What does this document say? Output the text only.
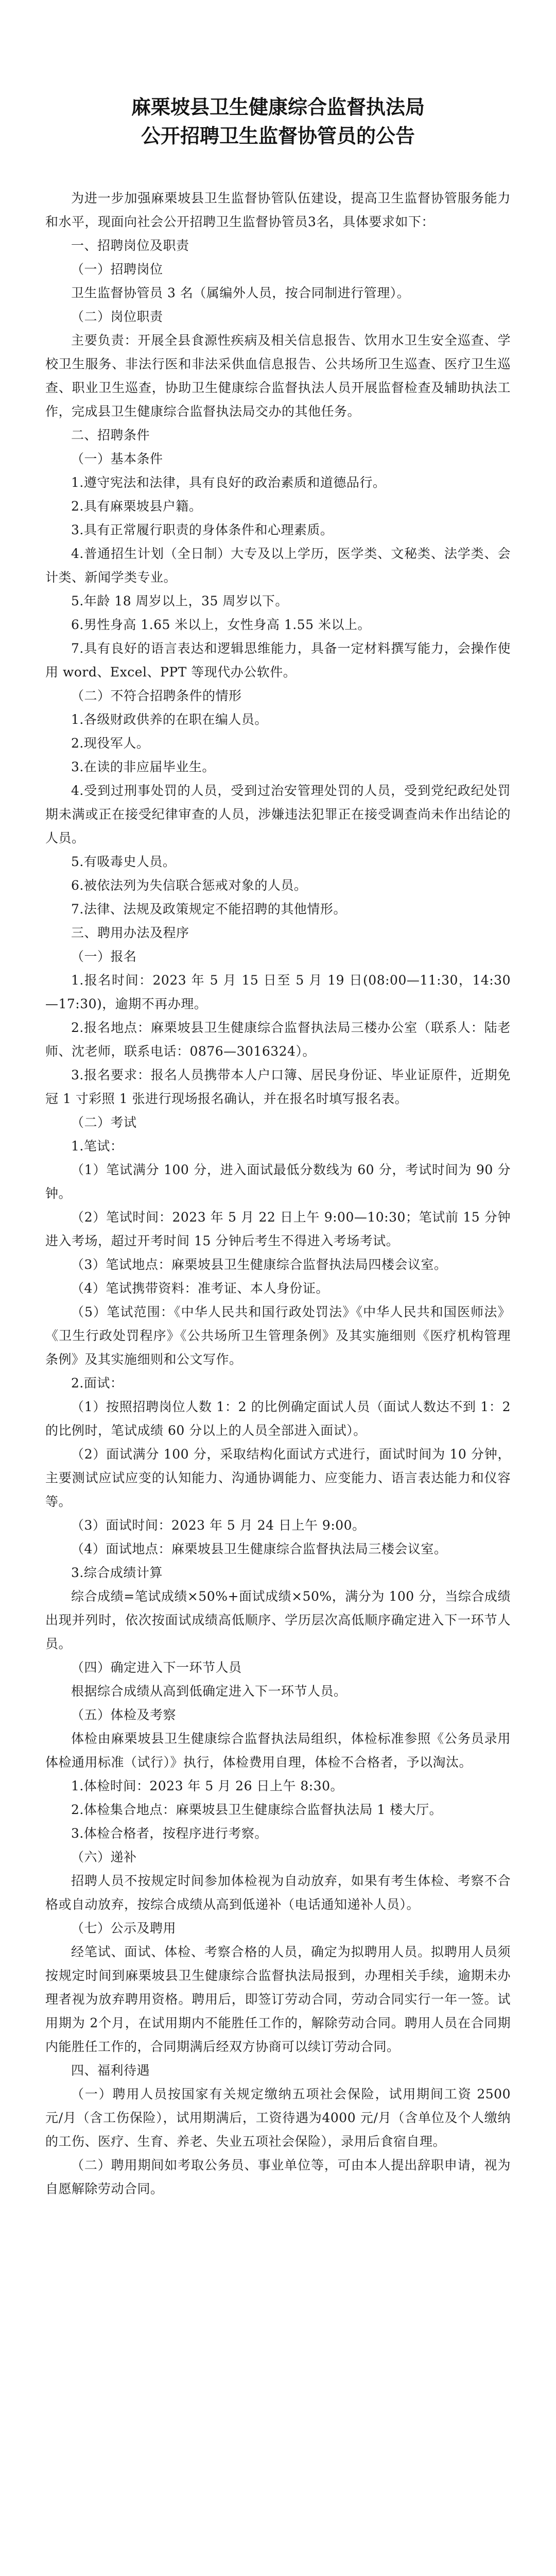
麻栗坡县卫生健康综合监督执法局
公开招聘卫生监督协管员的公告

为进一步加强麻栗坡县卫生监督协管队伍建设，提高卫生监督协管服务能力和水平，现面向社会公开招聘卫生监督协管员3名，具体要求如下：

一、招聘岗位及职责

（一）招聘岗位

卫生监督协管员 3 名（属编外人员，按合同制进行管理）。

（二）岗位职责

主要负责：开展全县食源性疾病及相关信息报告、饮用水卫生安全巡查、学校卫生服务、非法行医和非法采供血信息报告、公共场所卫生巡查、医疗卫生巡查、职业卫生巡查，协助卫生健康综合监督执法人员开展监督检查及辅助执法工作，完成县卫生健康综合监督执法局交办的其他任务。

二、招聘条件

（一）基本条件

1.遵守宪法和法律，具有良好的政治素质和道德品行。

2.具有麻栗坡县户籍。

3.具有正常履行职责的身体条件和心理素质。

4.普通招生计划（全日制）大专及以上学历，医学类、文秘类、法学类、会计类、新闻学类专业。

5.年龄 18 周岁以上，35 周岁以下。

6.男性身高 1.65 米以上，女性身高 1.55 米以上。

7.具有良好的语言表达和逻辑思维能力，具备一定材料撰写能力，会操作使用 word、Excel、PPT 等现代办公软件。

（二）不符合招聘条件的情形

1.各级财政供养的在职在编人员。

2.现役军人。

3.在读的非应届毕业生。

4.受到过刑事处罚的人员，受到过治安管理处罚的人员，受到党纪政纪处罚期未满或正在接受纪律审查的人员，涉嫌违法犯罪正在接受调查尚未作出结论的人员。

5.有吸毒史人员。

6.被依法列为失信联合惩戒对象的人员。

7.法律、法规及政策规定不能招聘的其他情形。

三、聘用办法及程序

（一）报名

1.报名时间：2023 年 5 月 15 日至 5 月 19 日(08:00—11:30，14:30—17:30)，逾期不再办理。

2.报名地点：麻栗坡县卫生健康综合监督执法局三楼办公室（联系人：陆老师、沈老师，联系电话：0876—3016324）。

3.报名要求：报名人员携带本人户口簿、居民身份证、毕业证原件，近期免冠 1 寸彩照 1 张进行现场报名确认，并在报名时填写报名表。

（二）考试

1.笔试：

（1）笔试满分 100 分，进入面试最低分数线为 60 分，考试时间为 90 分钟。

（2）笔试时间：2023 年 5 月 22 日上午 9:00—10:30；笔试前 15 分钟进入考场，超过开考时间 15 分钟后考生不得进入考场考试。

（3）笔试地点：麻栗坡县卫生健康综合监督执法局四楼会议室。

（4）笔试携带资料：准考证、本人身份证。

（5）笔试范围：《中华人民共和国行政处罚法》《中华人民共和国医师法》《卫生行政处罚程序》《公共场所卫生管理条例》及其实施细则《医疗机构管理条例》及其实施细则和公文写作。

2.面试：

（1）按照招聘岗位人数 1：2 的比例确定面试人员（面试人数达不到 1：2 的比例时，笔试成绩 60 分以上的人员全部进入面试）。

（2）面试满分 100 分，采取结构化面试方式进行，面试时间为 10 分钟，主要测试应试应变的认知能力、沟通协调能力、应变能力、语言表达能力和仪容等。

（3）面试时间：2023 年 5 月 24 日上午 9:00。

（4）面试地点：麻栗坡县卫生健康综合监督执法局三楼会议室。

3.综合成绩计算

综合成绩=笔试成绩×50%+面试成绩×50%，满分为 100 分，当综合成绩出现并列时，依次按面试成绩高低顺序、学历层次高低顺序确定进入下一环节人员。

（四）确定进入下一环节人员

根据综合成绩从高到低确定进入下一环节人员。

（五）体检及考察

体检由麻栗坡县卫生健康综合监督执法局组织，体检标准参照《公务员录用体检通用标准（试行）》执行，体检费用自理，体检不合格者，予以淘汰。

1.体检时间：2023 年 5 月 26 日上午 8:30。

2.体检集合地点：麻栗坡县卫生健康综合监督执法局 1 楼大厅。

3.体检合格者，按程序进行考察。

（六）递补

招聘人员不按规定时间参加体检视为自动放弃，如果有考生体检、考察不合格或自动放弃，按综合成绩从高到低递补（电话通知递补人员）。

（七）公示及聘用

经笔试、面试、体检、考察合格的人员，确定为拟聘用人员。拟聘用人员须按规定时间到麻栗坡县卫生健康综合监督执法局报到，办理相关手续，逾期未办理者视为放弃聘用资格。聘用后，即签订劳动合同，劳动合同实行一年一签。试用期为 2个月，在试用期内不能胜任工作的，解除劳动合同。聘用人员在合同期内能胜任工作的，合同期满后经双方协商可以续订劳动合同。

四、福利待遇

（一）聘用人员按国家有关规定缴纳五项社会保险，试用期间工资 2500 元/月（含工伤保险），试用期满后，工资待遇为4000 元/月（含单位及个人缴纳的工伤、医疗、生育、养老、失业五项社会保险），录用后食宿自理。

（二）聘用期间如考取公务员、事业单位等，可由本人提出辞职申请，视为自愿解除劳动合同。
